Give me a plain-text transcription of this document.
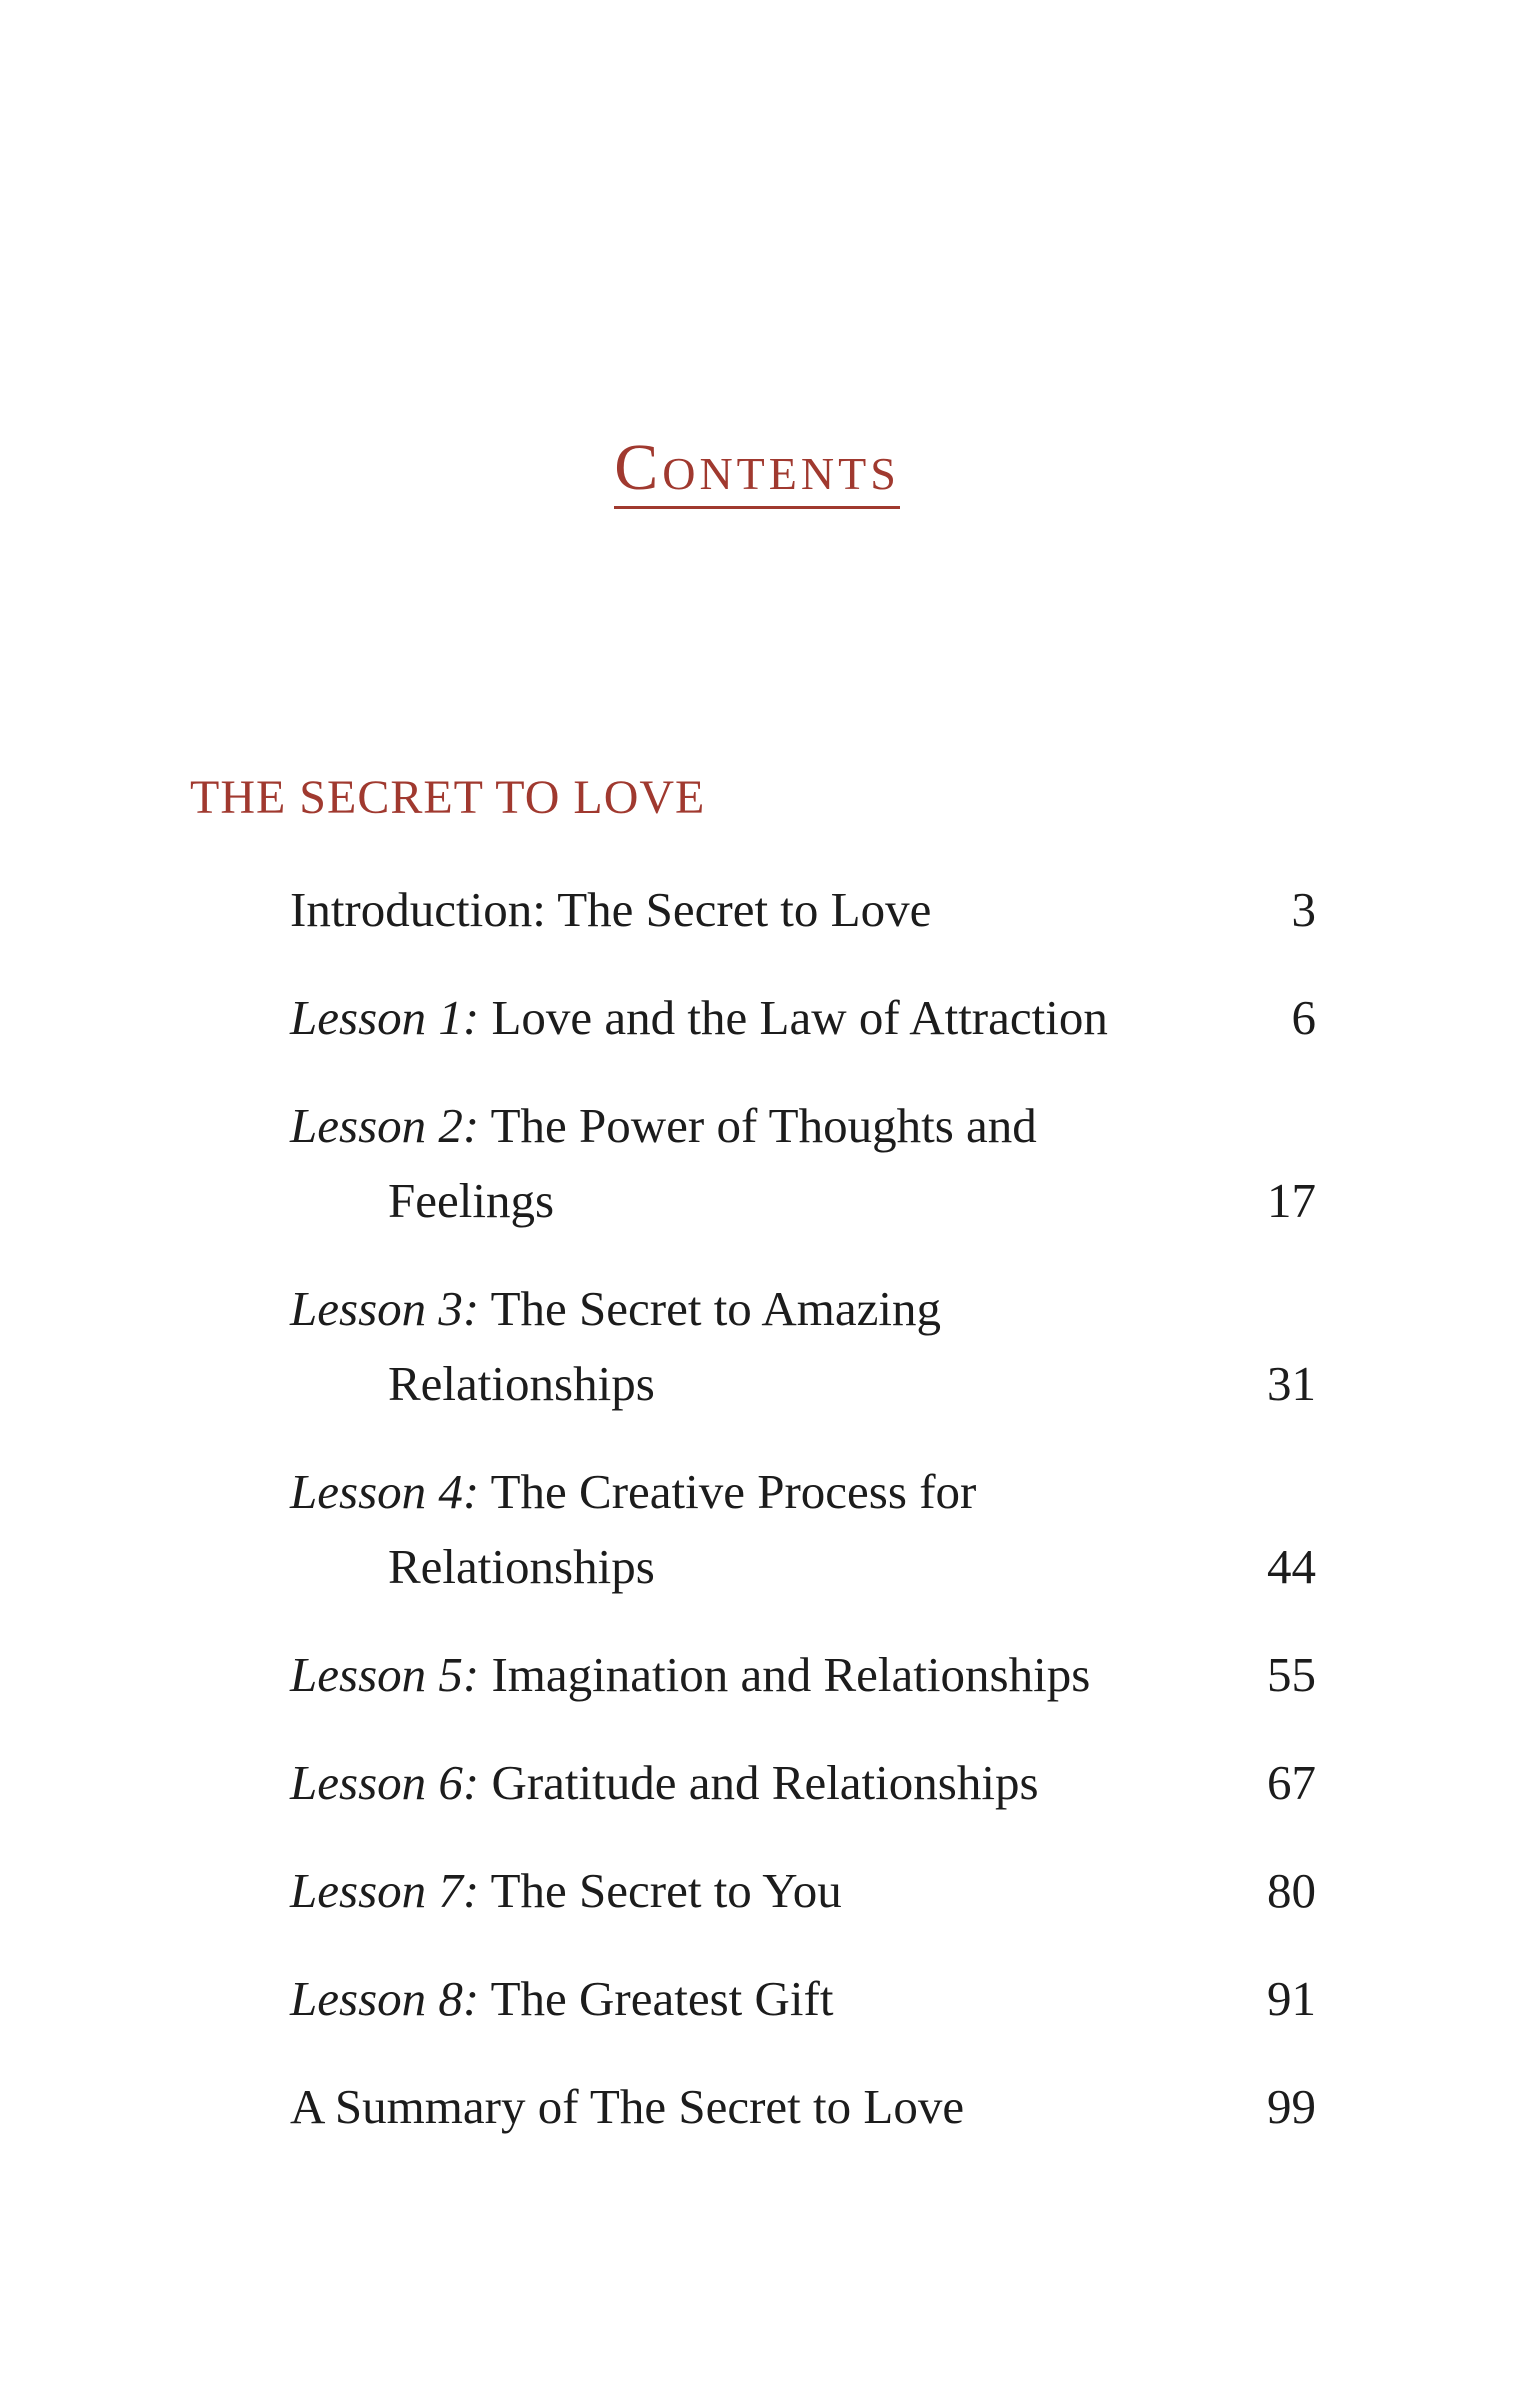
Contents
THE SECRET TO LOVE
Introduction: The Secret to Love	3
Lesson 1: Love and the Law of Attraction	6
Lesson 2: The Power of Thoughts and
Feelings	17
Lesson 3: The Secret to Amazing
Relationships	31
Lesson 4: The Creative Process for
Relationships	44
Lesson 5: Imagination and Relationships	55
Lesson 6: Gratitude and Relationships	67
Lesson 7: The Secret to You	80
Lesson 8: The Greatest Gift	91
A Summary of The Secret to Love	99
